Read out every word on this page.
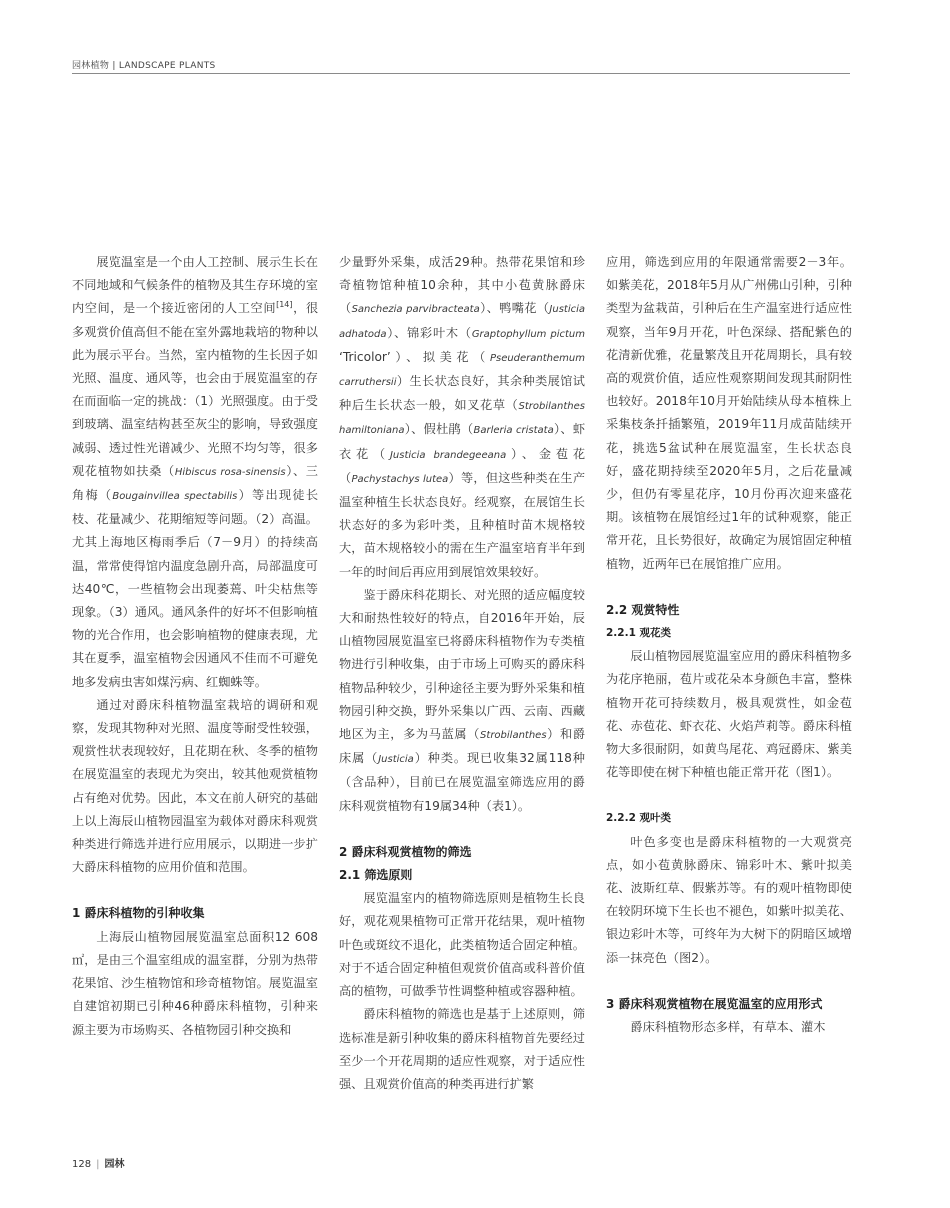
园林植物 | LANDSCAPE PLANTS

展览温室是一个由人工控制、展示生长在不同地域和气候条件的植物及其生存环境的室内空间，是一个接近密闭的人工空间[14]，很多观赏价值高但不能在室外露地栽培的物种以此为展示平台。当然，室内植物的生长因子如光照、温度、通风等，也会由于展览温室的存在而面临一定的挑战：（1）光照强度。由于受到玻璃、温室结构甚至灰尘的影响，导致强度减弱、透过性光谱减少、光照不均匀等，很多观花植物如扶桑（Hibiscus rosa-sinensis）、三角梅（Bougainvillea spectabilis）等出现徒长枝、花量减少、花期缩短等问题。（2）高温。尤其上海地区梅雨季后（7－9月）的持续高温，常常使得馆内温度急剧升高，局部温度可达40℃，一些植物会出现萎蔫、叶尖枯焦等现象。（3）通风。通风条件的好坏不但影响植物的光合作用，也会影响植物的健康表现，尤其在夏季，温室植物会因通风不佳而不可避免地多发病虫害如煤污病、红蜘蛛等。

通过对爵床科植物温室栽培的调研和观察，发现其物种对光照、温度等耐受性较强，观赏性状表现较好，且花期在秋、冬季的植物在展览温室的表现尤为突出，较其他观赏植物占有绝对优势。因此，本文在前人研究的基础上以上海辰山植物园温室为载体对爵床科观赏种类进行筛选并进行应用展示，以期进一步扩大爵床科植物的应用价值和范围。

1 爵床科植物的引种收集

上海辰山植物园展览温室总面积12 608 ㎡，是由三个温室组成的温室群，分别为热带花果馆、沙生植物馆和珍奇植物馆。展览温室自建馆初期已引种46种爵床科植物，引种来源主要为市场购买、各植物园引种交换和

少量野外采集，成活29种。热带花果馆和珍奇植物馆种植10余种，其中小苞黄脉爵床（Sanchezia parvibracteata）、鸭嘴花（Justicia adhatoda）、锦彩叶木（Graptophyllum pictum ‘Tricolor’）、拟美花（Pseuderanthemum carruthersii）生长状态良好，其余种类展馆试种后生长状态一般，如叉花草（Strobilanthes hamiltoniana）、假杜鹃（Barleria cristata）、虾衣花（Justicia brandegeeana）、金苞花（Pachystachys lutea）等，但这些种类在生产温室种植生长状态良好。经观察，在展馆生长状态好的多为彩叶类，且种植时苗木规格较大，苗木规格较小的需在生产温室培育半年到一年的时间后再应用到展馆效果较好。

鉴于爵床科花期长、对光照的适应幅度较大和耐热性较好的特点，自2016年开始，辰山植物园展览温室已将爵床科植物作为专类植物进行引种收集，由于市场上可购买的爵床科植物品种较少，引种途径主要为野外采集和植物园引种交换，野外采集以广西、云南、西藏地区为主，多为马蓝属（Strobilanthes）和爵床属（Justicia）种类。现已收集32属118种（含品种），目前已在展览温室筛选应用的爵床科观赏植物有19属34种（表1）。

2 爵床科观赏植物的筛选
2.1 筛选原则

展览温室内的植物筛选原则是植物生长良好，观花观果植物可正常开花结果，观叶植物叶色或斑纹不退化，此类植物适合固定种植。对于不适合固定种植但观赏价值高或科普价值高的植物，可做季节性调整种植或容器种植。

爵床科植物的筛选也是基于上述原则，筛选标准是新引种收集的爵床科植物首先要经过至少一个开花周期的适应性观察，对于适应性强、且观赏价值高的种类再进行扩繁

应用，筛选到应用的年限通常需要2－3年。如紫美花，2018年5月从广州佛山引种，引种类型为盆栽苗，引种后在生产温室进行适应性观察，当年9月开花，叶色深绿、搭配紫色的花清新优雅，花量繁茂且开花周期长，具有较高的观赏价值，适应性观察期间发现其耐阴性也较好。2018年10月开始陆续从母本植株上采集枝条扦插繁殖，2019年11月成苗陆续开花，挑选5盆试种在展览温室，生长状态良好，盛花期持续至2020年5月，之后花量减少，但仍有零星花序，10月份再次迎来盛花期。该植物在展馆经过1年的试种观察，能正常开花，且长势很好，故确定为展馆固定种植植物，近两年已在展馆推广应用。

2.2 观赏特性
2.2.1 观花类

辰山植物园展览温室应用的爵床科植物多为花序艳丽，苞片或花朵本身颜色丰富，整株植物开花可持续数月，极具观赏性，如金苞花、赤苞花、虾衣花、火焰芦莉等。爵床科植物大多很耐阴，如黄鸟尾花、鸡冠爵床、紫美花等即使在树下种植也能正常开花（图1）。

2.2.2 观叶类

叶色多变也是爵床科植物的一大观赏亮点，如小苞黄脉爵床、锦彩叶木、紫叶拟美花、波斯红草、假紫苏等。有的观叶植物即使在较阴环境下生长也不褪色，如紫叶拟美花、银边彩叶木等，可终年为大树下的阴暗区域增添一抹亮色（图2）。

3 爵床科观赏植物在展览温室的应用形式

爵床科植物形态多样，有草本、灌木

128 | 园林
